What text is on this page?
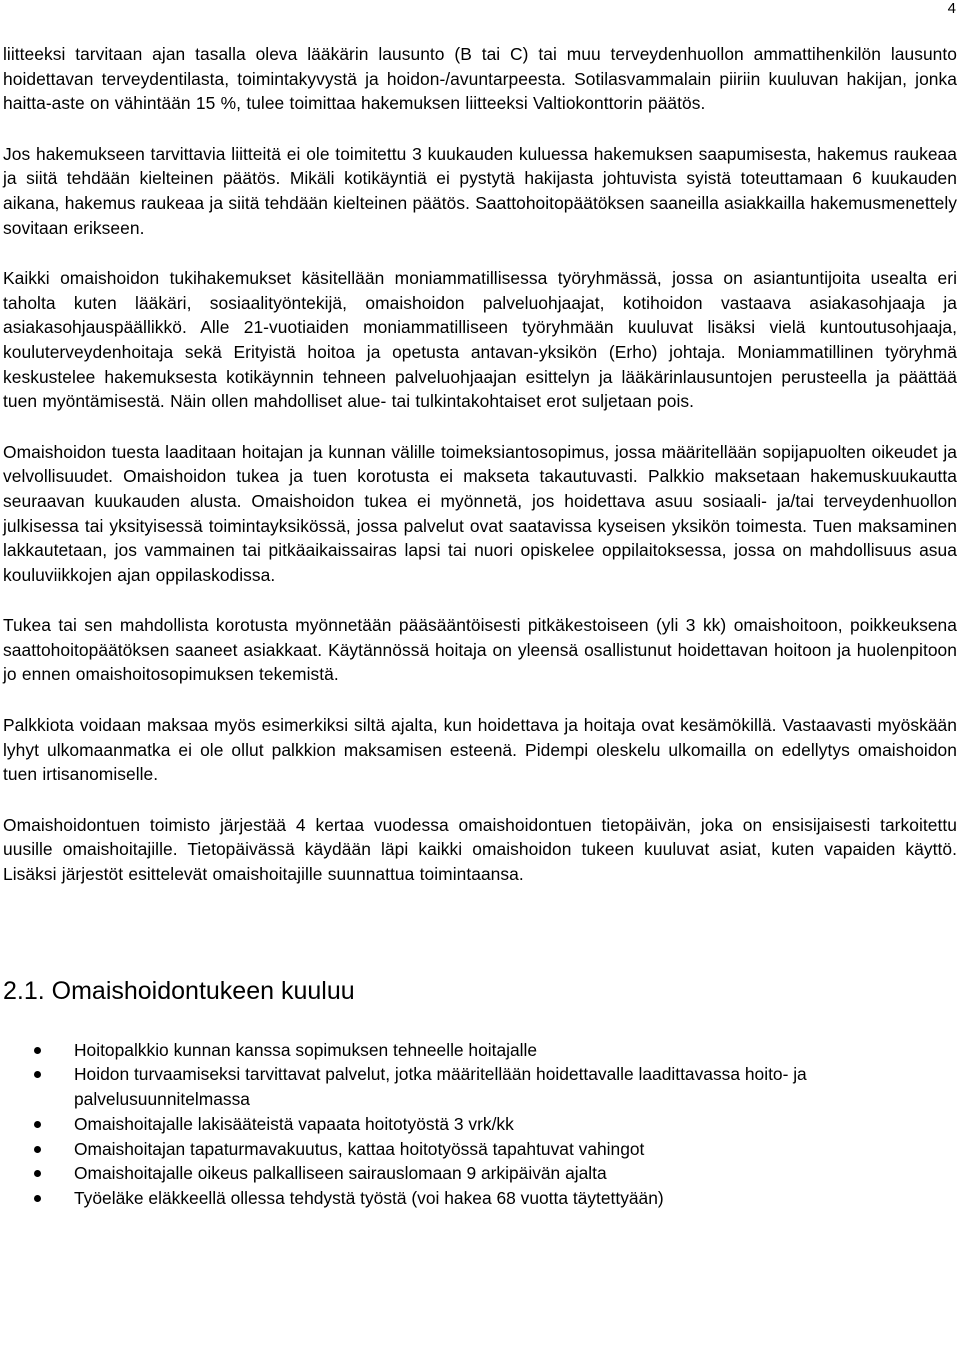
4

liitteeksi tarvitaan ajan tasalla oleva lääkärin lausunto (B tai C) tai muu terveydenhuollon ammattihenkilön lausunto hoidettavan terveydentilasta, toimintakyvystä ja hoidon-/avuntarpeesta. Sotilasvammalain piiriin kuuluvan hakijan, jonka haitta-aste on vähintään 15 %, tulee toimittaa hakemuksen liitteeksi Valtiokonttorin päätös.

Jos hakemukseen tarvittavia liitteitä ei ole toimitettu 3 kuukauden kuluessa hakemuksen saapumisesta, hakemus raukeaa ja siitä tehdään kielteinen päätös. Mikäli kotikäyntiä ei pystytä hakijasta johtuvista syistä toteuttamaan 6 kuukauden aikana, hakemus raukeaa ja siitä tehdään kielteinen päätös. Saattohoitopäätöksen saaneilla asiakkailla hakemusmenettely sovitaan erikseen.

Kaikki omaishoidon tukihakemukset käsitellään moniammatillisessa työryhmässä, jossa on asiantuntijoita usealta eri taholta kuten lääkäri, sosiaalityöntekijä, omaishoidon palveluohjaajat, kotihoidon vastaava asiakasohjaaja ja asiakasohjauspäällikkö. Alle 21-vuotiaiden moniammatilliseen työryhmään kuuluvat lisäksi vielä kuntoutusohjaaja, kouluterveydenhoitaja sekä Erityistä hoitoa ja opetusta antavan-yksikön (Erho) johtaja. Moniammatillinen työryhmä keskustelee hakemuksesta kotikäynnin tehneen palveluohjaajan esittelyn ja lääkärinlausuntojen perusteella ja päättää tuen myöntämisestä. Näin ollen mahdolliset alue- tai tulkintakohtaiset erot suljetaan pois.

Omaishoidon tuesta laaditaan hoitajan ja kunnan välille toimeksiantosopimus, jossa määritellään sopijapuolten oikeudet ja velvollisuudet. Omaishoidon tukea ja tuen korotusta ei makseta takautuvasti. Palkkio maksetaan hakemuskuukautta seuraavan kuukauden alusta. Omaishoidon tukea ei myönnetä, jos hoidettava asuu sosiaali- ja/tai terveydenhuollon julkisessa tai yksityisessä toimintayksikössä, jossa palvelut ovat saatavissa kyseisen yksikön toimesta. Tuen maksaminen lakkautetaan, jos vammainen tai pitkäaikaissairas lapsi tai nuori opiskelee oppilaitoksessa, jossa on mahdollisuus asua kouluviikkojen ajan oppilaskodissa.

Tukea tai sen mahdollista korotusta myönnetään pääsääntöisesti pitkäkestoiseen (yli 3 kk) omaishoitoon, poikkeuksena saattohoitopäätöksen saaneet asiakkaat. Käytännössä hoitaja on yleensä osallistunut hoidettavan hoitoon ja huolenpitoon jo ennen omaishoitosopimuksen tekemistä.

Palkkiota voidaan maksaa myös esimerkiksi siltä ajalta, kun hoidettava ja hoitaja ovat kesämökillä. Vastaavasti myöskään lyhyt ulkomaanmatka ei ole ollut palkkion maksamisen esteenä. Pidempi oleskelu ulkomailla on edellytys omaishoidon tuen irtisanomiselle.

Omaishoidontuen toimisto järjestää 4 kertaa vuodessa omaishoidontuen tietopäivän, joka on ensisijaisesti tarkoitettu uusille omaishoitajille. Tietopäivässä käydään läpi kaikki omaishoidon tukeen kuuluvat asiat, kuten vapaiden käyttö. Lisäksi järjestöt esittelevät omaishoitajille suunnattua toimintaansa.

2.1. Omaishoidontukeen kuuluu
Hoitopalkkio kunnan kanssa sopimuksen tehneelle hoitajalle
Hoidon turvaamiseksi tarvittavat palvelut, jotka määritellään hoidettavalle laadittavassa hoito- ja palvelusuunnitelmassa
Omaishoitajalle lakisääteistä vapaata hoitotyöstä 3 vrk/kk
Omaishoitajan tapaturmavakuutus, kattaa hoitotyössä tapahtuvat vahingot
Omaishoitajalle oikeus palkalliseen sairauslomaan 9 arkipäivän ajalta
Työeläke eläkkeellä ollessa tehdystä työstä (voi hakea 68 vuotta täytettyään)
